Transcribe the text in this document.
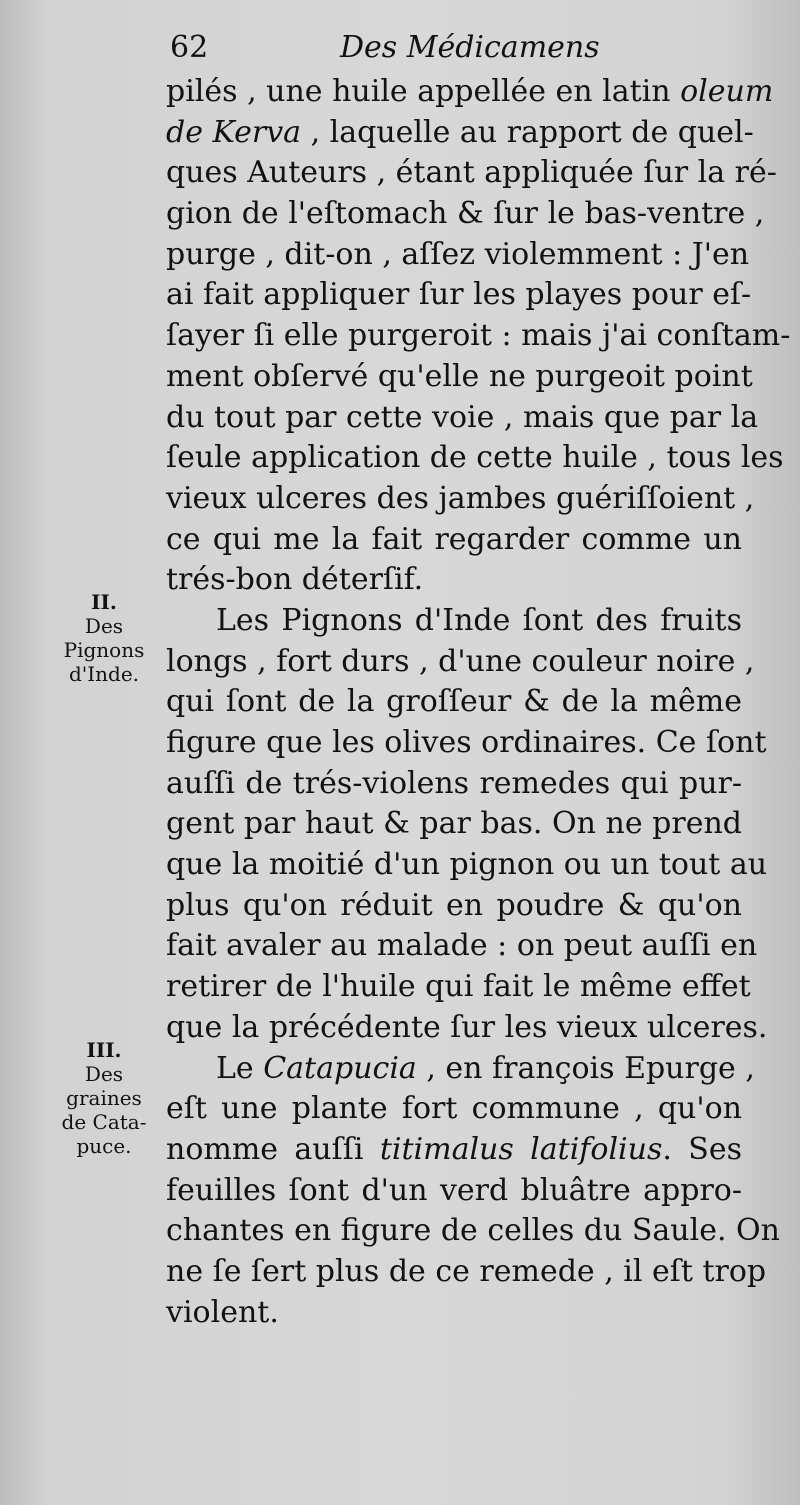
62	Des Médicamens
II.
Des
Pignons
d'Inde.
III.
Des
graines
de Cata-
puce.
pilés , une huile appellée en latin oleum
de Kerva , laquelle au rapport de quel-
ques Auteurs , étant appliquée ſur la ré-
gion de l'eſtomach & ſur le bas-ventre ,
purge , dit-on , aſſez violemment : J'en
ai fait appliquer ſur les playes pour eſ-
ſayer ſi elle purgeroit : mais j'ai conſtam-
ment obſervé qu'elle ne purgeoit point
du tout par cette voie , mais que par la
ſeule application de cette huile , tous les
vieux ulceres des jambes guériſſoient ,
ce qui me la fait regarder comme un
trés-bon déterſif.
Les Pignons d'Inde ſont des fruits
longs , fort durs , d'une couleur noire ,
qui ſont de la groſſeur & de la même
figure que les olives ordinaires. Ce ſont
auſſi de trés-violens remedes qui pur-
gent par haut & par bas. On ne prend
que la moitié d'un pignon ou un tout au
plus qu'on réduit en poudre & qu'on
fait avaler au malade : on peut auſſi en
retirer de l'huile qui fait le même effet
que la précédente ſur les vieux ulceres.
Le Catapucia , en françois Epurge ,
eſt une plante fort commune , qu'on
nomme auſſi titimalus latifolius. Ses
feuilles ſont d'un verd bluâtre appro-
chantes en figure de celles du Saule. On
ne ſe ſert plus de ce remede , il eſt trop
violent.
